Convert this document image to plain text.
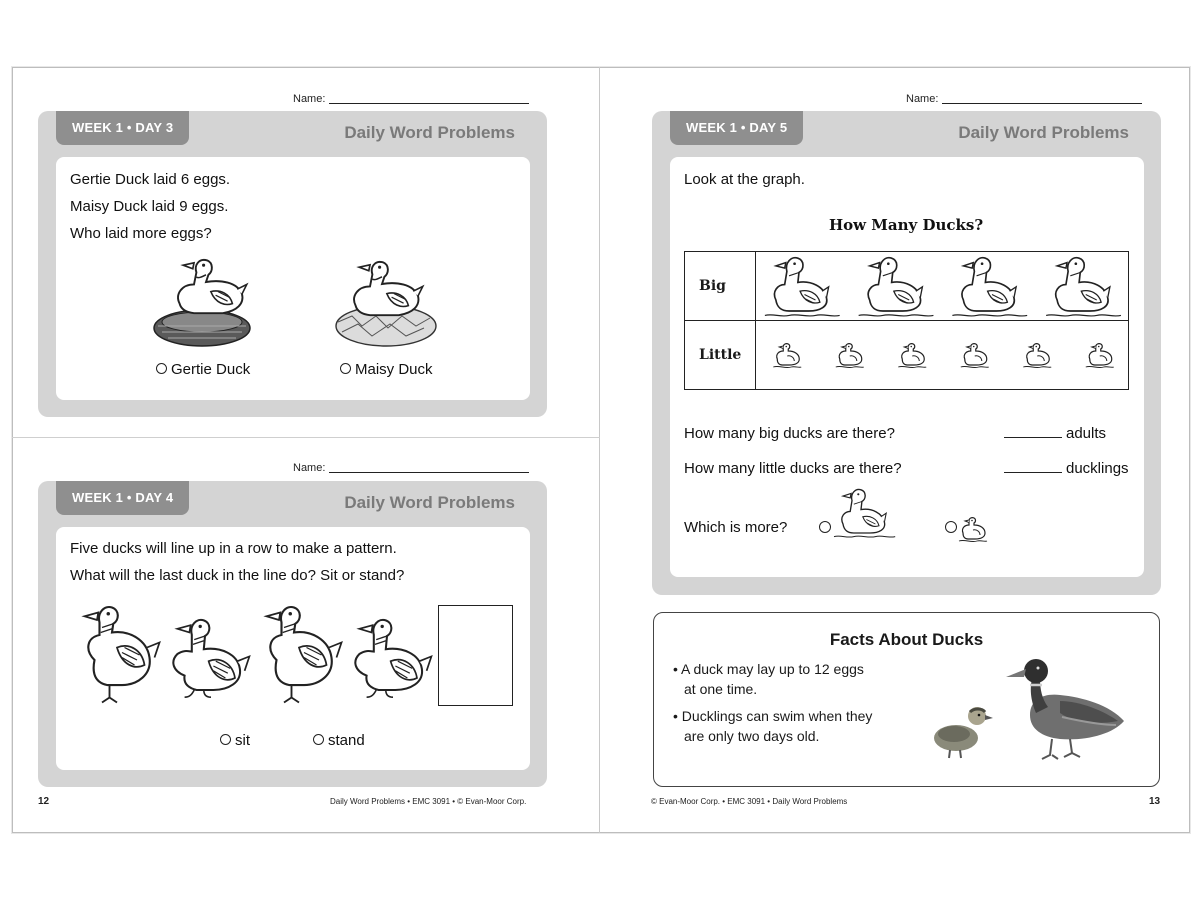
Name:
WEEK 1 • DAY 3	Daily Word Problems
Gertie Duck laid 6 eggs.
Maisy Duck laid 9 eggs.
Who laid more eggs?
Gertie Duck	Maisy Duck
Name:
WEEK 1 • DAY 4	Daily Word Problems
Five ducks will line up in a row to make a pattern.
What will the last duck in the line do? Sit or stand?
sit	stand
12	Daily Word Problems • EMC 3091 • © Evan-Moor Corp.
Name:
WEEK 1 • DAY 5	Daily Word Problems
Look at the graph.
How Many Ducks?
Big	

Little	
How many big ducks are there?	adults
How many little ducks are there?	ducklings
Which is more?
Facts About Ducks
• A duck may lay up to 12 eggs
at one time.
• Ducklings can swim when they
are only two days old.
© Evan-Moor Corp. • EMC 3091 • Daily Word Problems	13
